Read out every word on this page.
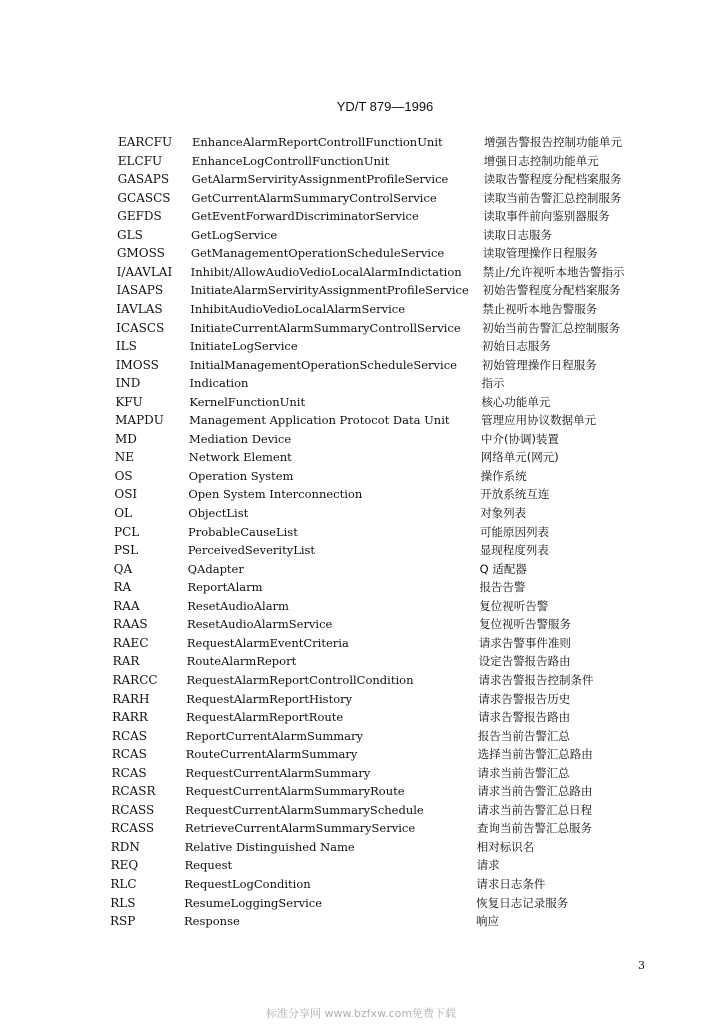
YD/T 879—1996
EARCFU EnhanceAlarmReportControllFunctionUnit	增强告警报告控制功能单元
ELCFU	EnhanceLogControllFunctionUnit	增强日志控制功能单元
GASAPS GetAlarmServirityAssignmentProfileService	读取告警程度分配档案服务
GCASCS GetCurrentAlarmSummaryControlService	读取当前告警汇总控制服务
GEFDS	GetEventForwardDiscriminatorService	读取事件前向鉴别器服务
GLS	GetLogService	读取日志服务
GMOSS GetManagementOperationScheduleService	读取管理操作日程服务
I/AAVLAI Inhibit/AllowAudioVedioLocalAlarmIndictation 禁止/允许视听本地告警指示
IASAPS InitiateAlarmServirityAssignmentProfileService 初始告警程度分配档案服务
IAVLAS InhibitAudioVedioLocalAlarmService	禁止视听本地告警服务
ICASCS InitiateCurrentAlarmSummaryControllService 初始当前告警汇总控制服务
ILS	InitiateLogService	初始日志服务
IMOSS	InitialManagementOperationScheduleService 初始管理操作日程服务
IND	Indication	指示
KFU	KernelFunctionUnit	核心功能单元
MAPDU Management Application Protocot Data Unit	管理应用协议数据单元
MD	Mediation Device	中介(协调)装置
NE	Network Element	网络单元(网元)
OS	Operation System	操作系统
OSI	Open System Interconnection	开放系统互连
OL	ObjectList	对象列表
PCL	ProbableCauseList	可能原因列表
PSL	PerceivedSeverityList	显现程度列表
QA	QAdapter	Q 适配器
RA	ReportAlarm	报告告警
RAA	ResetAudioAlarm	复位视听告警
RAAS	ResetAudioAlarmService	复位视听告警服务
RAEC	RequestAlarmEventCriteria	请求告警事件准则
RAR	RouteAlarmReport	设定告警报告路由
RARCC	RequestAlarmReportControllCondition	请求告警报告控制条件
RARH	RequestAlarmReportHistory	请求告警报告历史
RARR	RequestAlarmReportRoute	请求告警报告路由
RCAS	ReportCurrentAlarmSummary	报告当前告警汇总
RCAS	RouteCurrentAlarmSummary	选择当前告警汇总路由
RCAS	RequestCurrentAlarmSummary	请求当前告警汇总
RCASR	RequestCurrentAlarmSummaryRoute	请求当前告警汇总路由
RCASS	RequestCurrentAlarmSummarySchedule	请求当前告警汇总日程
RCASS	RetrieveCurrentAlarmSummaryService	查询当前告警汇总服务
RDN	Relative Distinguished Name	相对标识名
REQ	Request	请求
RLC	RequestLogCondition	请求日志条件
RLS	ResumeLoggingService	恢复日志记录服务
RSP	Response	响应
3
标准分享网 www.bzfxw.com免费下载
